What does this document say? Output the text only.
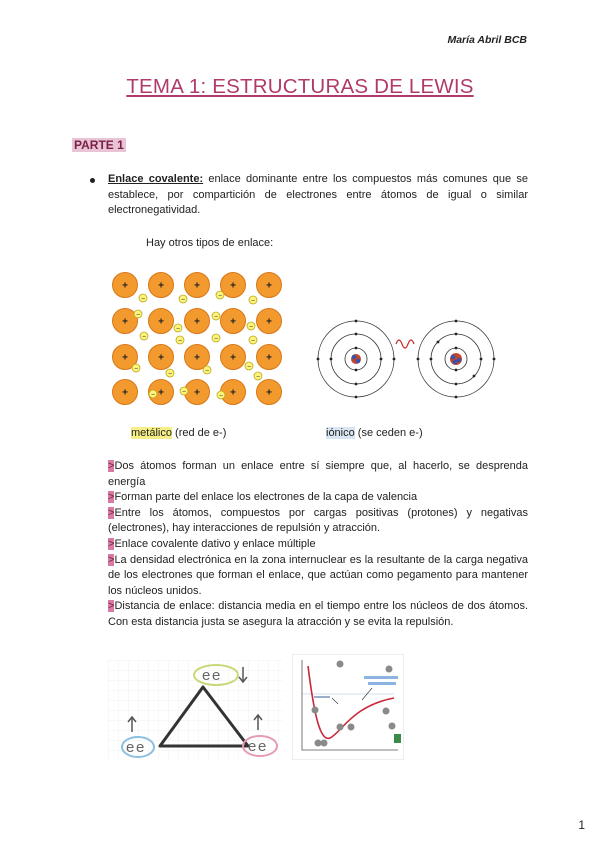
María Abril BCB
TEMA 1: ESTRUCTURAS DE LEWIS
PARTE 1
Enlace covalente: enlace dominante entre los compuestos más comunes que se establece, por compartición de electrones entre átomos de igual o similar electronegatividad.
Hay otros tipos de enlace:
+	+	+	+	+
+	+	+	+	+
+	+	+	+	+
+	+	+	+	+
−	−
−
−
−
−
−
−
−
−	−	−
−
−	−
−
−	−
−
−
metálico (red de e-)	iónico (se ceden e-)

>Dos átomos forman un enlace entre sí siempre que, al hacerlo, se desprenda energía

>Forman parte del enlace los electrones de la capa de valencia

>Entre los átomos, compuestos por cargas positivas (protones) y negativas (electrones), hay interacciones de repulsión y atracción.

>Enlace covalente dativo y enlace múltiple

>La densidad electrónica en la zona internuclear es la resultante de la carga negativa de los electrones que forman el enlace, que actúan como pegamento para mantener los núcleos unidos.

>Distancia de enlace: distancia media en el tiempo entre los núcleos de dos átomos. Con esta distancia justa se asegura la atracción y se evita la repulsión.

e e
e e	e e
1
